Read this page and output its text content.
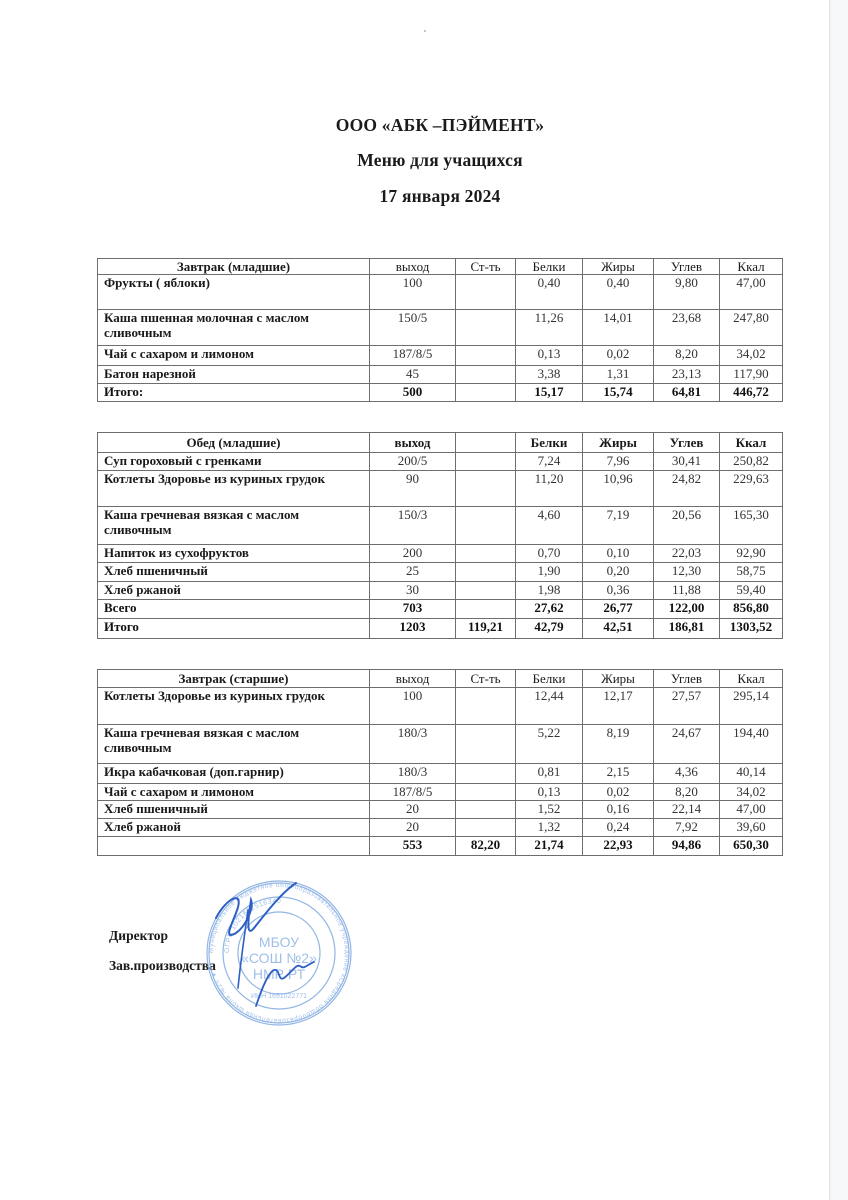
ООО «АБК –ПЭЙМЕНТ»
Меню для учащихся
17 января 2024
Завтрак (младшие)	выход	Ст-ть	Белки	Жиры	Углев	Ккал
Фрукты ( яблоки)	100		0,40	0,40	9,80	47,00
Каша пшенная молочная с маслом сливочным	150/5		11,26	14,01	23,68	247,80
Чай с сахаром и лимоном	187/8/5		0,13	0,02	8,20	34,02
Батон нарезной	45		3,38	1,31	23,13	117,90
Итого:	500		15,17	15,74	64,81	446,72
Обед (младшие)	выход		Белки	Жиры	Углев	Ккал
Суп гороховый с гренками	200/5		7,24	7,96	30,41	250,82
Котлеты Здоровье из куриных грудок	90		11,20	10,96	24,82	229,63
Каша гречневая вязкая с маслом сливочным	150/3		4,60	7,19	20,56	165,30
Напиток из сухофруктов	200		0,70	0,10	22,03	92,90
Хлеб пшеничный	25		1,90	0,20	12,30	58,75
Хлеб ржаной	30		1,98	0,36	11,88	59,40
Всего	703		27,62	26,77	122,00	856,80
Итого	1203	119,21	42,79	42,51	186,81	1303,52
Завтрак (старшие)	выход	Ст-ть	Белки	Жиры	Углев	Ккал
Котлеты Здоровье из куриных грудок	100		12,44	12,17	27,57	295,14
Каша гречневая вязкая с маслом сливочным	180/3		5,22	8,19	24,67	194,40
Икра кабачковая (доп.гарнир)	180/3		0,81	2,15	4,36	40,14
Чай с сахаром и лимоном	187/8/5		0,13	0,02	8,20	34,02
Хлеб пшеничный	20		1,52	0,16	22,14	47,00
Хлеб ржаной	20		1,32	0,24	7,92	39,60
	553	82,20	21,74	22,93	94,86	650,30
Директор
Зав.производства
Муниципальное бюджетное общеобразовательное учреждение «Средняя общеобразовательная школа №2» ✦
ОГРН 1021602516340
МБОУ
«СОШ №2»
НМР РТ
ИНН 1651022771
